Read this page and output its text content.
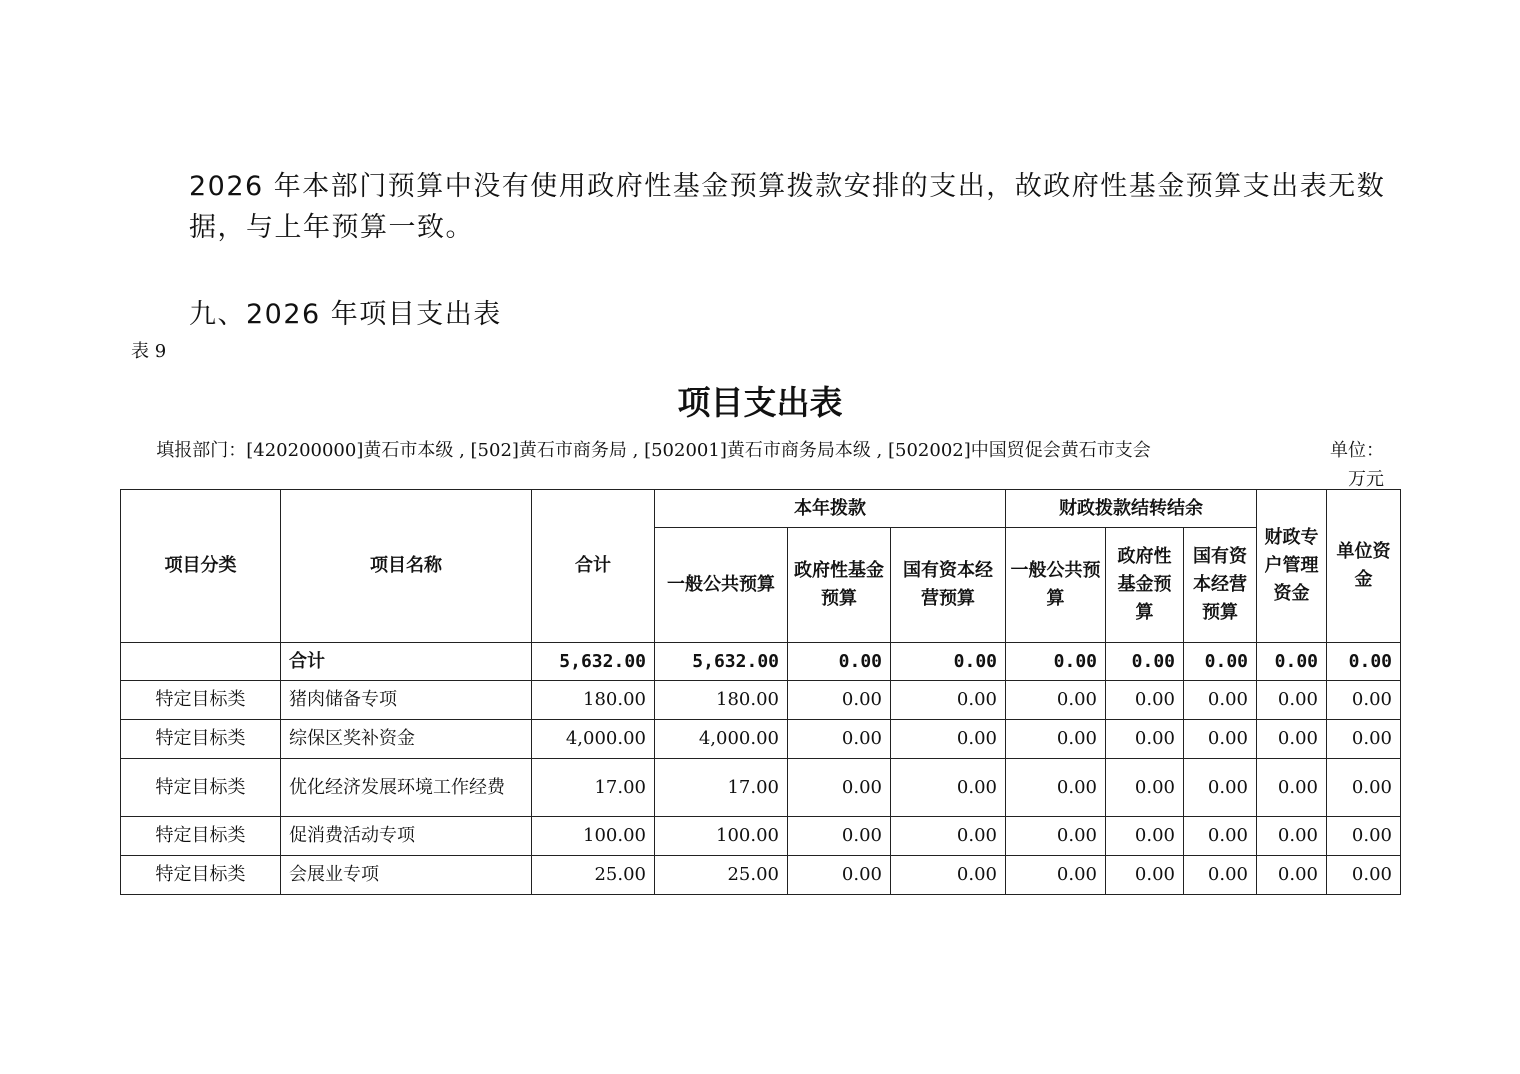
2026 年本部门预算中没有使用政府性基金预算拨款安排的支出，故政府性基金预算支出表无数据，与上年预算一致。

九、2026 年项目支出表
表 9
项目支出表
填报部门：[420200000]黄石市本级 , [502]黄石市商务局 , [502001]黄石市商务局本级 , [502002]中国贸促会黄石市支会	单位：万元
项目分类	项目名称	合计	本年拨款			财政拨款结转结余			财政专户管理资金	单位资金
			一般公共预算	政府性基金预算	国有资本经营预算	一般公共预算	政府性基金预算	国有资本经营预算		
	合计	5,632.00	5,632.00	0.00	0.00	0.00	0.00	0.00	0.00	0.00
特定目标类	猪肉储备专项	180.00	180.00	0.00	0.00	0.00	0.00	0.00	0.00	0.00
特定目标类	综保区奖补资金	4,000.00	4,000.00	0.00	0.00	0.00	0.00	0.00	0.00	0.00
特定目标类	优化经济发展环境工作经费	17.00	17.00	0.00	0.00	0.00	0.00	0.00	0.00	0.00
特定目标类	促消费活动专项	100.00	100.00	0.00	0.00	0.00	0.00	0.00	0.00	0.00
特定目标类	会展业专项	25.00	25.00	0.00	0.00	0.00	0.00	0.00	0.00	0.00
